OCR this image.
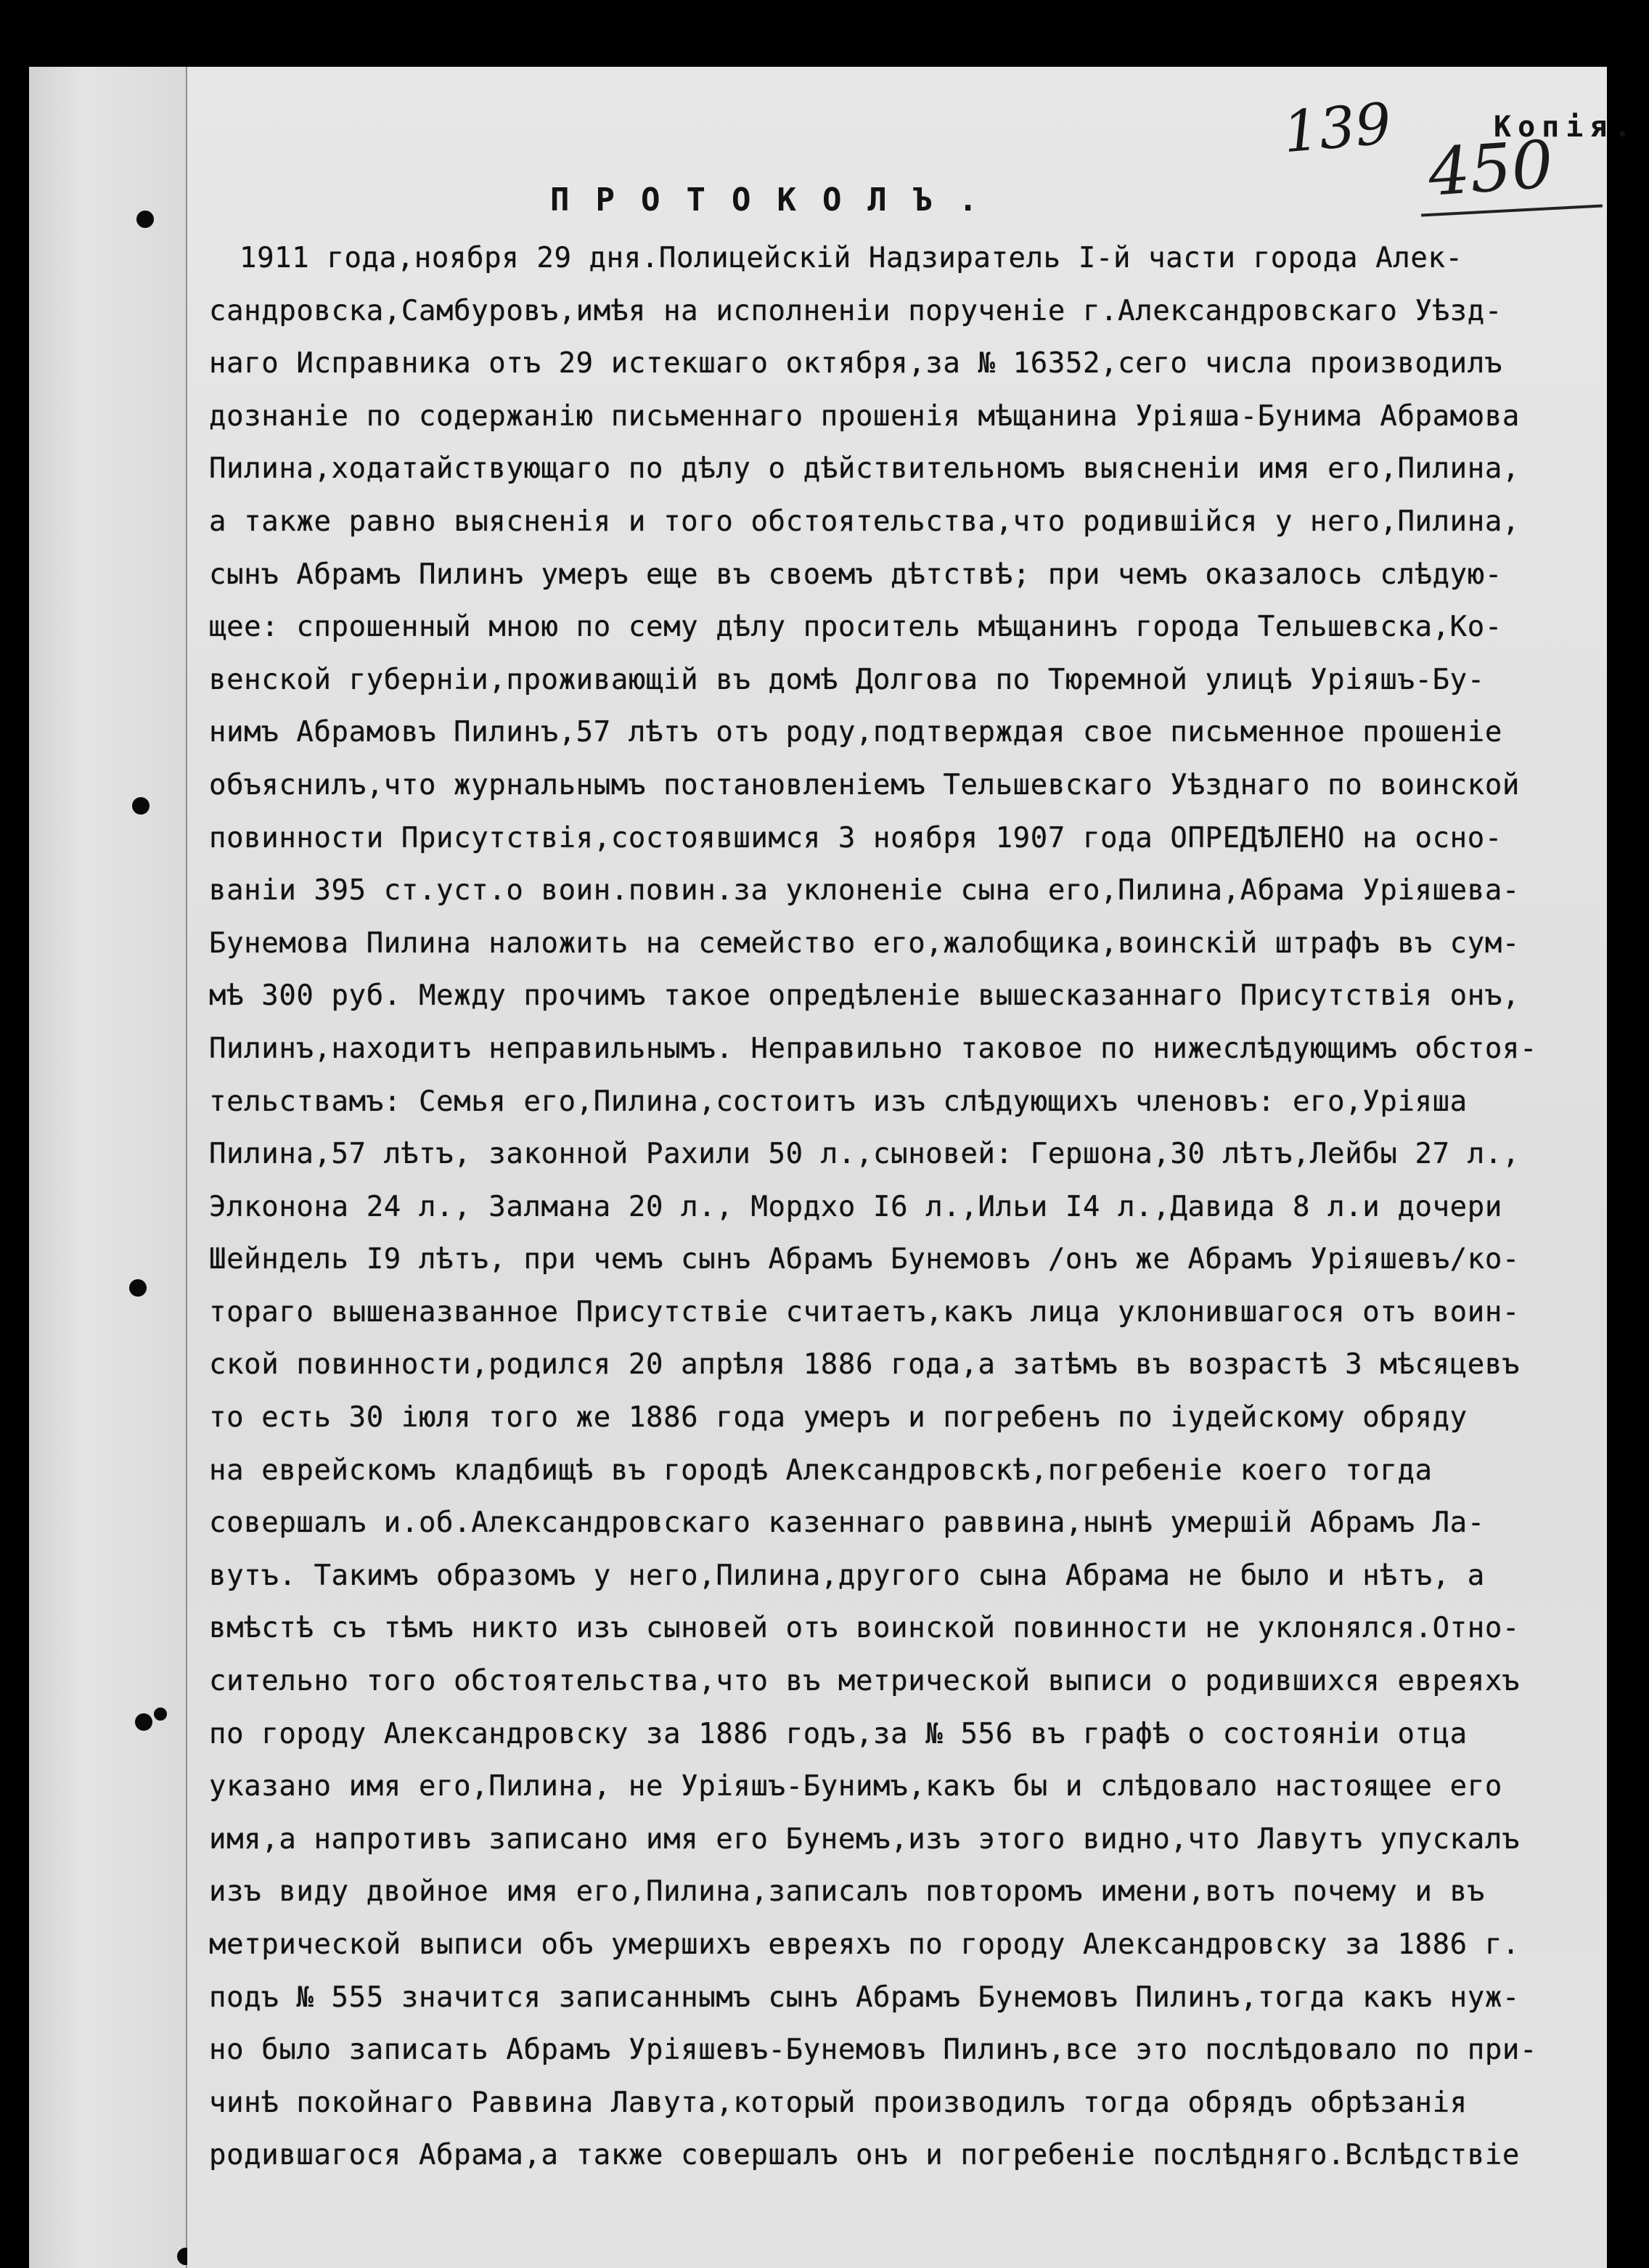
139	Копія.
450
ПРОТОКОЛЪ.
1911 года,ноября 29 дня.Полицейскiй Надзиратель I-й части города Алек-
сандровска,Самбуровъ,имѣя на исполненiи порученiе г.Александровскаго Уѣзд-
наго Исправника отъ 29 истекшаго октября,за № 16352,сего числа производилъ
дознанiе по содержанiю письменнаго прошенiя мѣщанина Урiяша-Бунима Абрамова
Пилина,ходатайствующаго по дѣлу о дѣйствительномъ выясненiи имя его,Пилина,
а также равно выясненiя и того обстоятельства,что родившiйся у него,Пилина,
сынъ Абрамъ Пилинъ умеръ еще въ своемъ дѣтствѣ; при чемъ оказалось слѣдую-
щее: спрошенный мною по сему дѣлу проситель мѣщанинъ города Тельшевска,Ко-
венской губернiи,проживающiй въ домѣ Долгова по Тюремной улицѣ Урiяшъ-Бу-
нимъ Абрамовъ Пилинъ,57 лѣтъ отъ роду,подтверждая свое письменное прошенiе
объяснилъ,что журнальнымъ постановленiемъ Тельшевскаго Уѣзднаго по воинской
повинности Присутствiя,состоявшимся 3 ноября 1907 года ОПРЕДѢЛЕНО на осно-
ванiи 395 ст.уст.о воин.повин.за уклоненiе сына его,Пилина,Абрама Урiяшева-
Бунемова Пилина наложить на семейство его,жалобщика,воинскiй штрафъ въ сум-
мѣ 300 руб. Между прочимъ такое опредѣленiе вышесказаннаго Присутствiя онъ,
Пилинъ,находитъ неправильнымъ. Неправильно таковое по нижеслѣдующимъ обстоя-
тельствамъ: Семья его,Пилина,состоитъ изъ слѣдующихъ членовъ: его,Урiяша
Пилина,57 лѣтъ, законной Рахили 50 л.,сыновей: Гершона,30 лѣтъ,Лейбы 27 л.,
Элконона 24 л., Залмана 20 л., Мордхо I6 л.,Ильи I4 л.,Давида 8 л.и дочери
Шейндель I9 лѣтъ, при чемъ сынъ Абрамъ Бунемовъ /онъ же Абрамъ Урiяшевъ/ко-
тораго вышеназванное Присутствiе считаетъ,какъ лица уклонившагося отъ воин-
ской повинности,родился 20 апрѣля 1886 года,а затѣмъ въ возрастѣ 3 мѣсяцевъ
то есть 30 iюля того же 1886 года умеръ и погребенъ по iудейскому обряду
на еврейскомъ кладбищѣ въ городѣ Александровскѣ,погребенiе коего тогда
совершалъ и.об.Александровскаго казеннаго раввина,нынѣ умершiй Абрамъ Ла-
вутъ. Такимъ образомъ у него,Пилина,другого сына Абрама не было и нѣтъ, а
вмѣстѣ съ тѣмъ никто изъ сыновей отъ воинской повинности не уклонялся.Отно-
сительно того обстоятельства,что въ метрической выписи о родившихся евреяхъ
по городу Александровску за 1886 годъ,за № 556 въ графѣ о состоянiи отца
указано имя его,Пилина, не Урiяшъ-Бунимъ,какъ бы и слѣдовало настоящее его
имя,а напротивъ записано имя его Бунемъ,изъ этого видно,что Лавутъ упускалъ
изъ виду двойное имя его,Пилина,записалъ повторомъ имени,вотъ почему и въ
метрической выписи объ умершихъ евреяхъ по городу Александровску за 1886 г.
подъ № 555 значится записаннымъ сынъ Абрамъ Бунемовъ Пилинъ,тогда какъ нуж-
но было записать Абрамъ Урiяшевъ-Бунемовъ Пилинъ,все это послѣдовало по при-
чинѣ покойнаго Раввина Лавута,который производилъ тогда обрядъ обрѣзанiя
родившагося Абрама,а также совершалъ онъ и погребенiе послѣдняго.Вслѣдствiе
